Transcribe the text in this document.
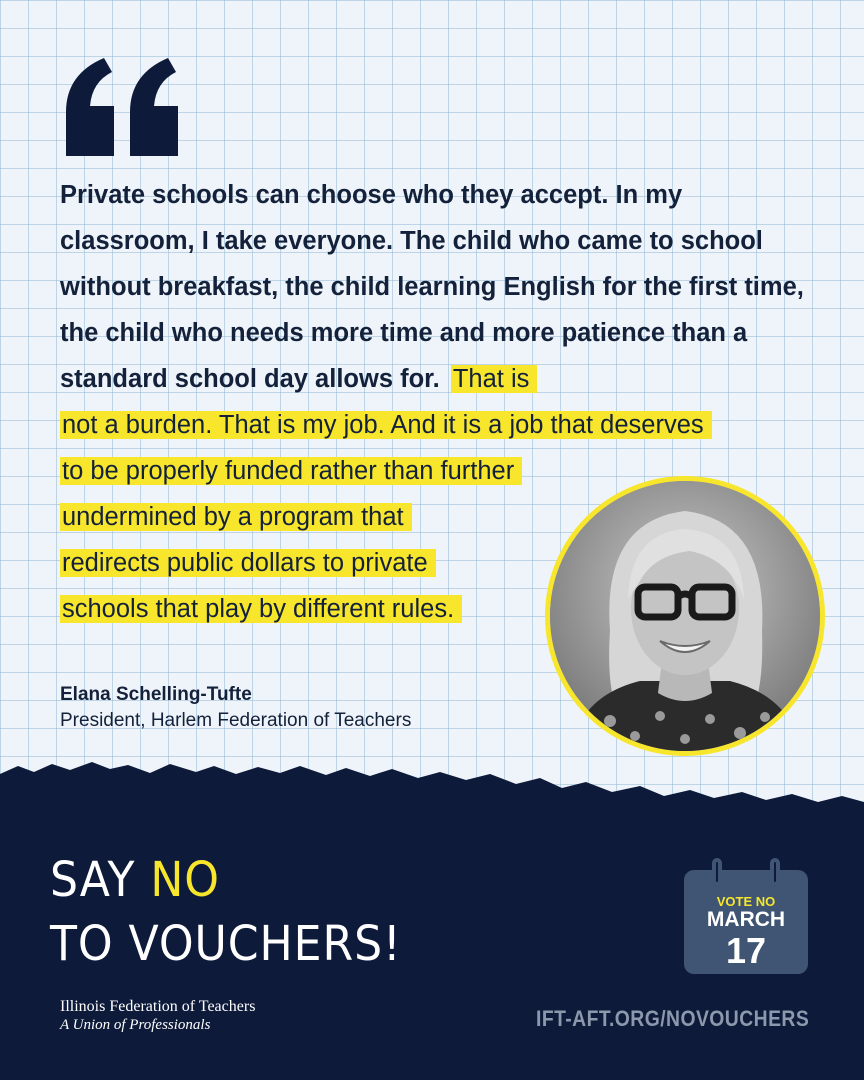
Private schools can choose who they accept. In my classroom, I take everyone. The child who came to school without breakfast, the child learning English for the first time, the child who needs more time and more patience than a standard school day allows for. That is
not a burden. That is my job. And it is a job that deserves
to be properly funded rather than further
undermined by a program that
redirects public dollars to private
schools that play by different rules.

Elana Schelling-Tufte

President, Harlem Federation of Teachers

SAY NO
TO VOUCHERS!

Illinois Federation of Teachers

A Union of Professionals

VOTE NO

MARCH

17

IFT-AFT.ORG/NOVOUCHERS
